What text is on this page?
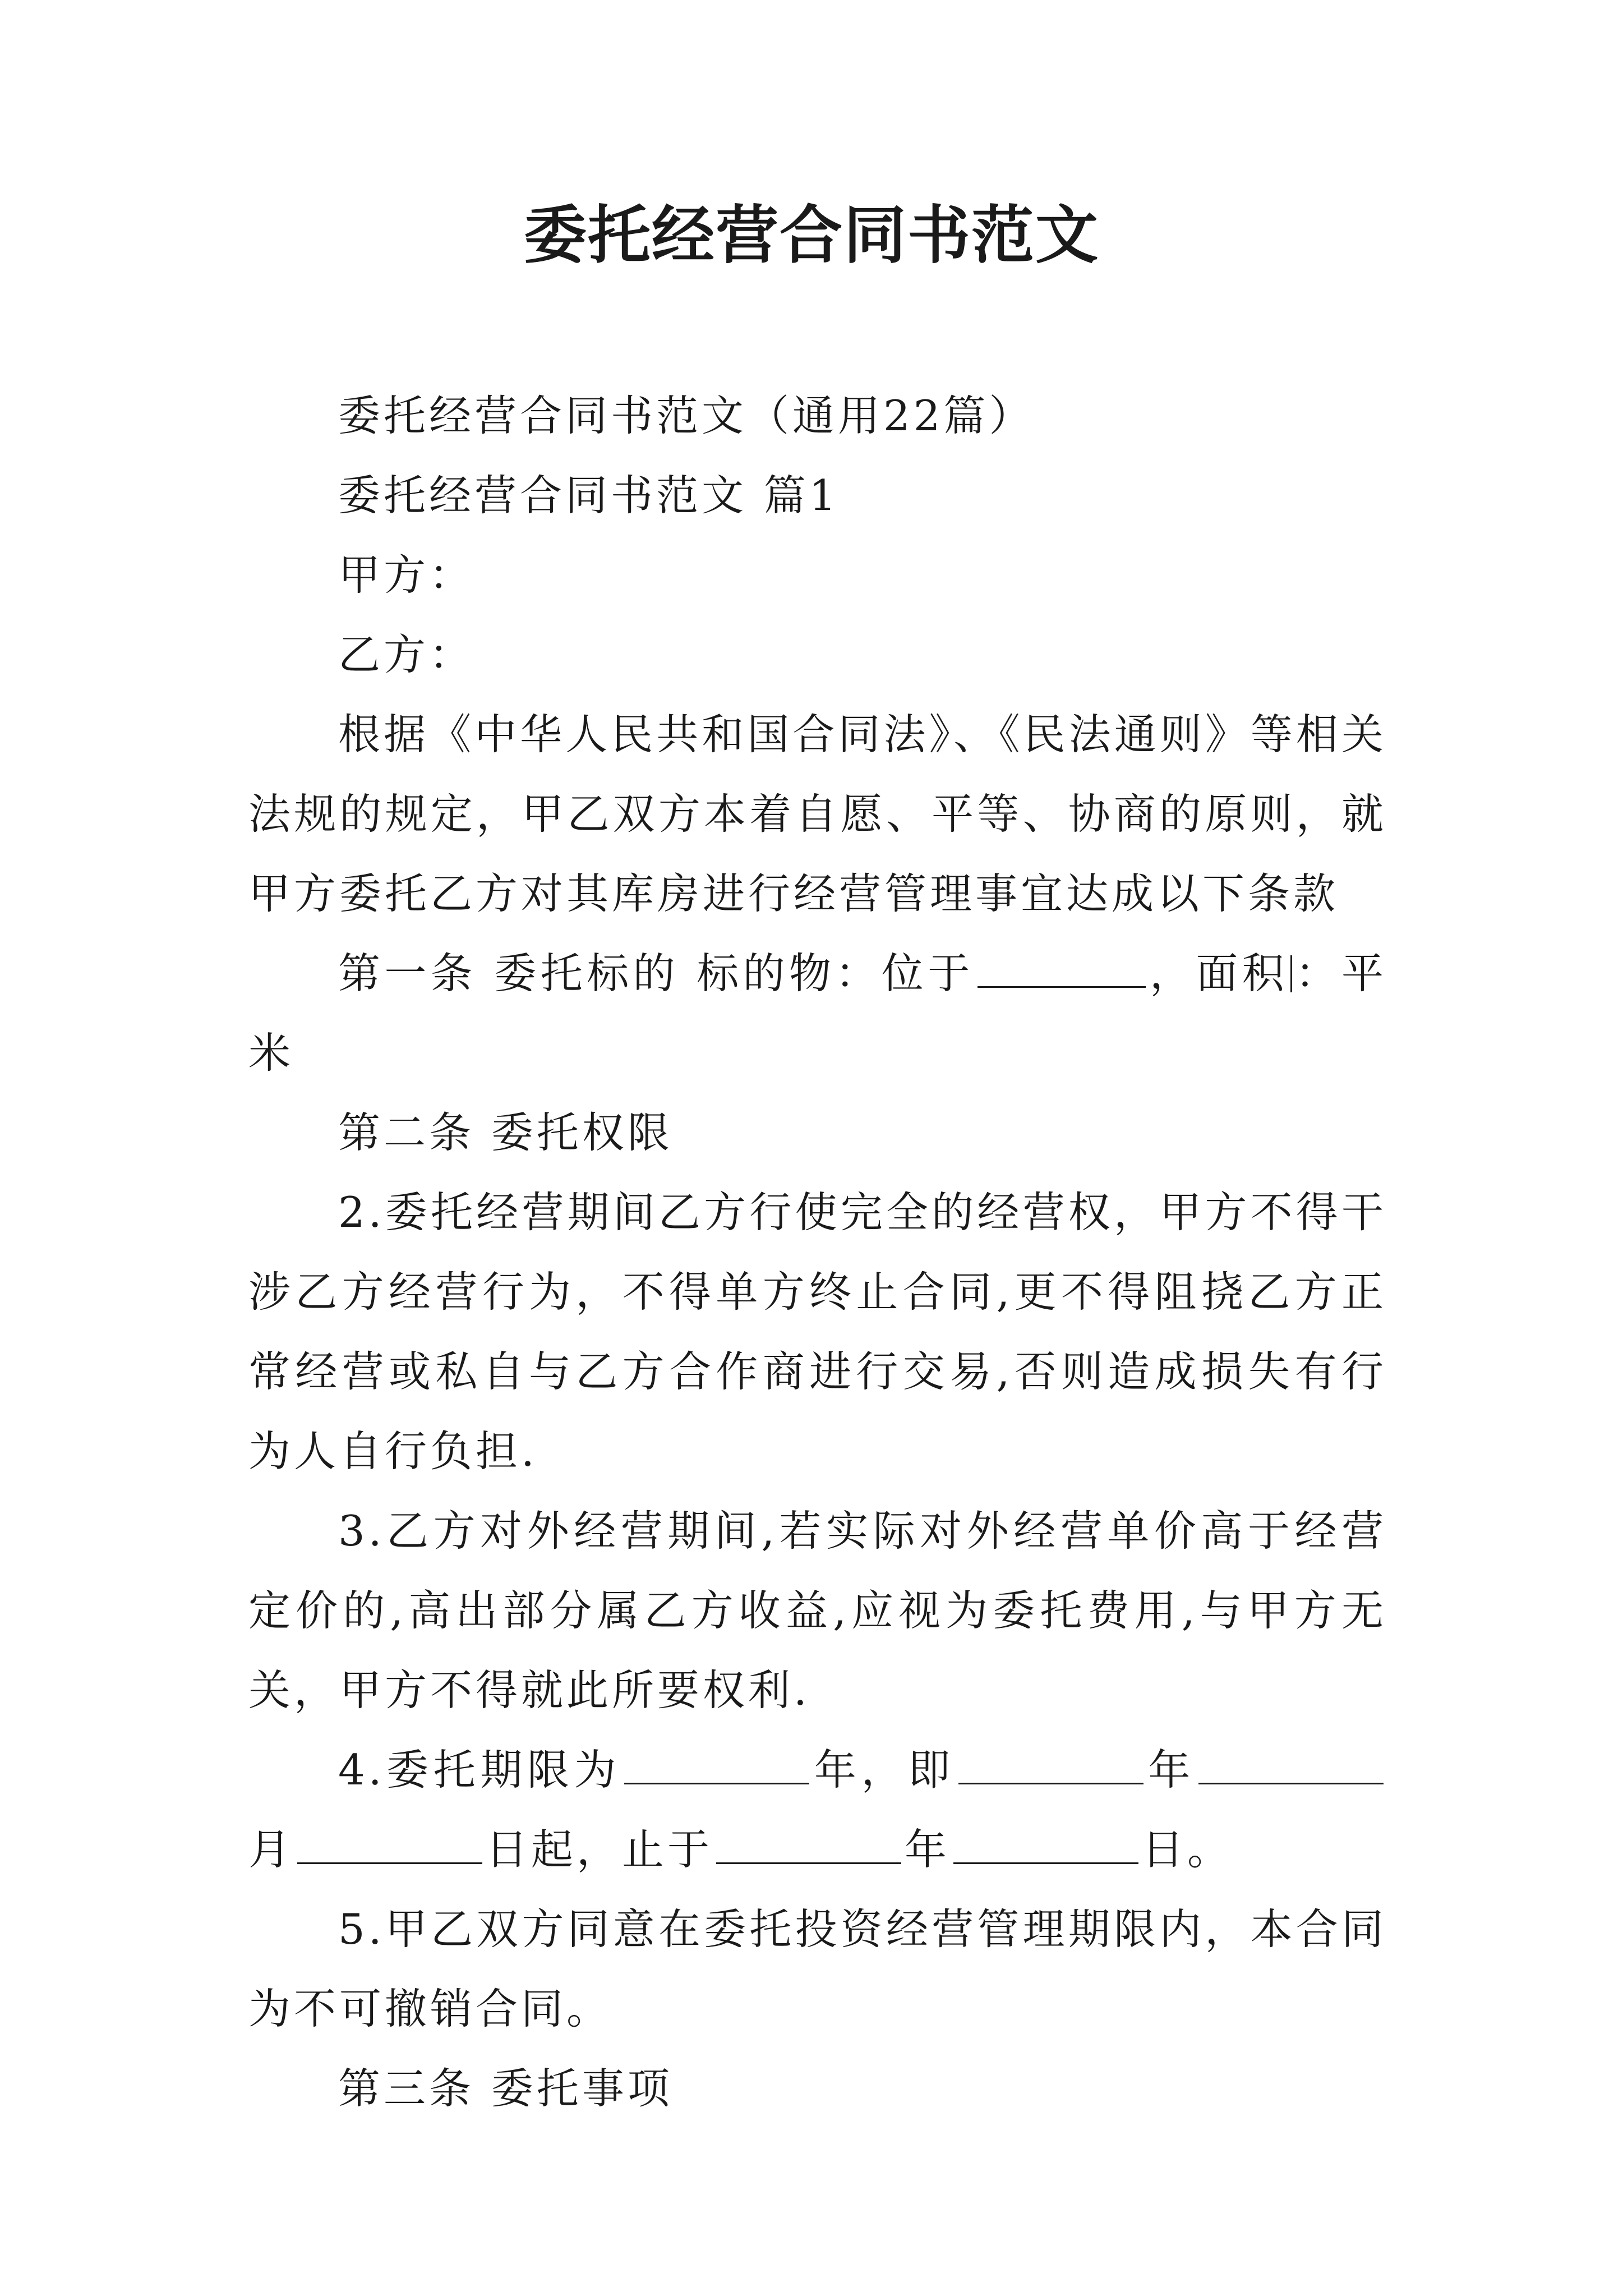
委托经营合同书范文

委托经营合同书范文（通用22篇）

委托经营合同书范文 篇1

甲方：

乙方：

根据《中华人民共和国合同法》、《民法通则》等相关法规的规定，甲乙双方本着自愿、平等、协商的原则，就甲方委托乙方对其库房进行经营管理事宜达成以下条款

第一条 委托标的 标的物：位于	，面积 ：平米

第二条 委托权限

2.委托经营期间乙方行使完全的经营权，甲方不得干涉乙方经营行为，不得单方终止合同,更不得阻挠乙方正常经营或私自与乙方合作商进行交易,否则造成损失有行为人自行负担.

3.乙方对外经营期间,若实际对外经营单价高于经营定价的,高出部分属乙方收益,应视为委托费用,与甲方无关，甲方不得就此所要权利.

4.委托期限为	年，即	年月	日起，止于	年	日。

5.甲乙双方同意在委托投资经营管理期限内，本合同为不可撤销合同。

第三条 委托事项
